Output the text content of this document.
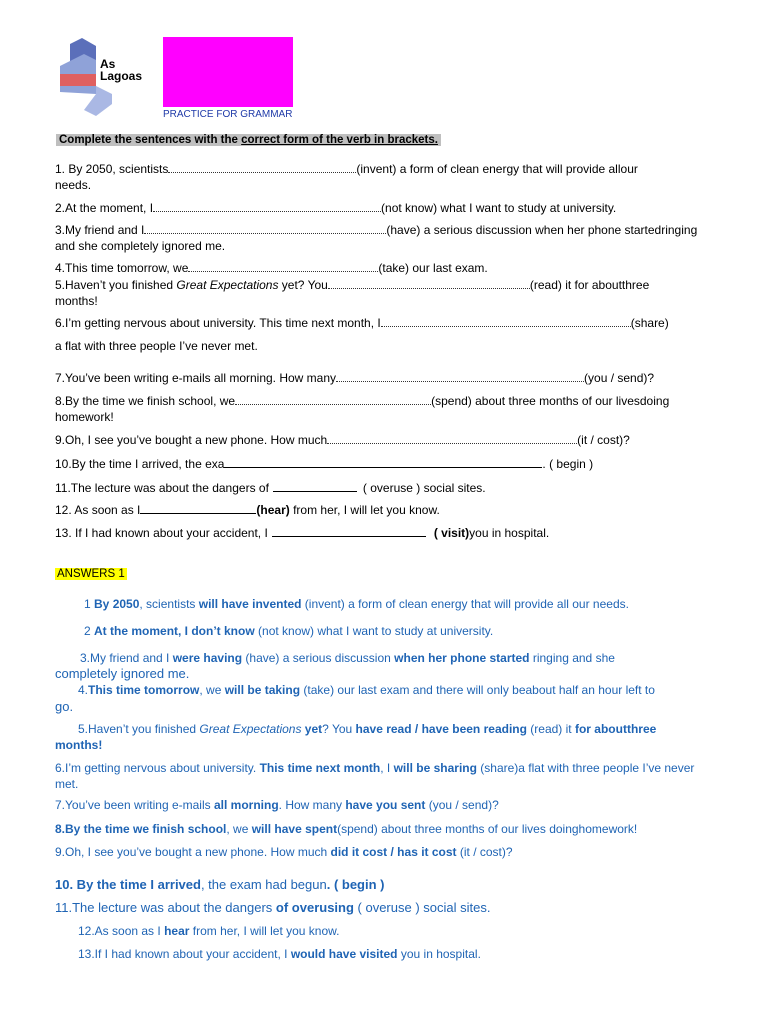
As
Lagoas
PRACTICE FOR GRAMMAR
Complete the sentences with the correct form of the verb in brackets.
1. By 2050, scientists	(invent) a form of clean energy that will provide allour
needs.
2.At the moment, I	(not know) what I want to study at university.
3.My friend and I	(have) a serious discussion when her phone startedringing
and she completely ignored me.
4.This time tomorrow, we	(take) our last exam.
5.Haven’t you finished Great Expectations yet? You	(read) it for aboutthree
months!
6.I’m getting nervous about university. This time next month, I	(share)
a flat with three people I’ve never met.
7.You’ve been writing e-mails all morning. How many	(you / send)?
8.By the time we finish school, we	(spend) about three months of our livesdoing
homework!
9.Oh, I see you’ve bought a new phone. How much	(it / cost)?
10.By the time I arrived, the exa	. ( begin )
11.The lecture was about the dangers of	( overuse ) social sites.
12. As soon as I	(hear) from her, I will let you know.
13. If I had known about your accident, I	( visit)you in hospital.
ANSWERS 1
1 By 2050, scientists will have invented (invent) a form of clean energy that will provide all our needs.
2 At the moment, I don’t know (not know) what I want to study at university.
3.My friend and I were having (have) a serious discussion when her phone started ringing and she
completely ignored me.
4.This time tomorrow, we will be taking (take) our last exam and there will only beabout half an hour left to
go.
5.Haven’t you finished Great Expectations yet? You have read / have been reading (read) it for aboutthree
months!
6.I’m getting nervous about university. This time next month, I will be sharing (share)a flat with three people I’ve never
met.
7.You’ve been writing e-mails all morning. How many have you sent (you / send)?
8.By the time we finish school, we will have spent(spend) about three months of our lives doinghomework!
9.Oh, I see you’ve bought a new phone. How much did it cost / has it cost (it / cost)?
10. By the time I arrived, the exam had begun. ( begin )
11.The lecture was about the dangers of overusing ( overuse ) social sites.
12.As soon as I hear from her, I will let you know.
13.If I had known about your accident, I would have visited you in hospital.
